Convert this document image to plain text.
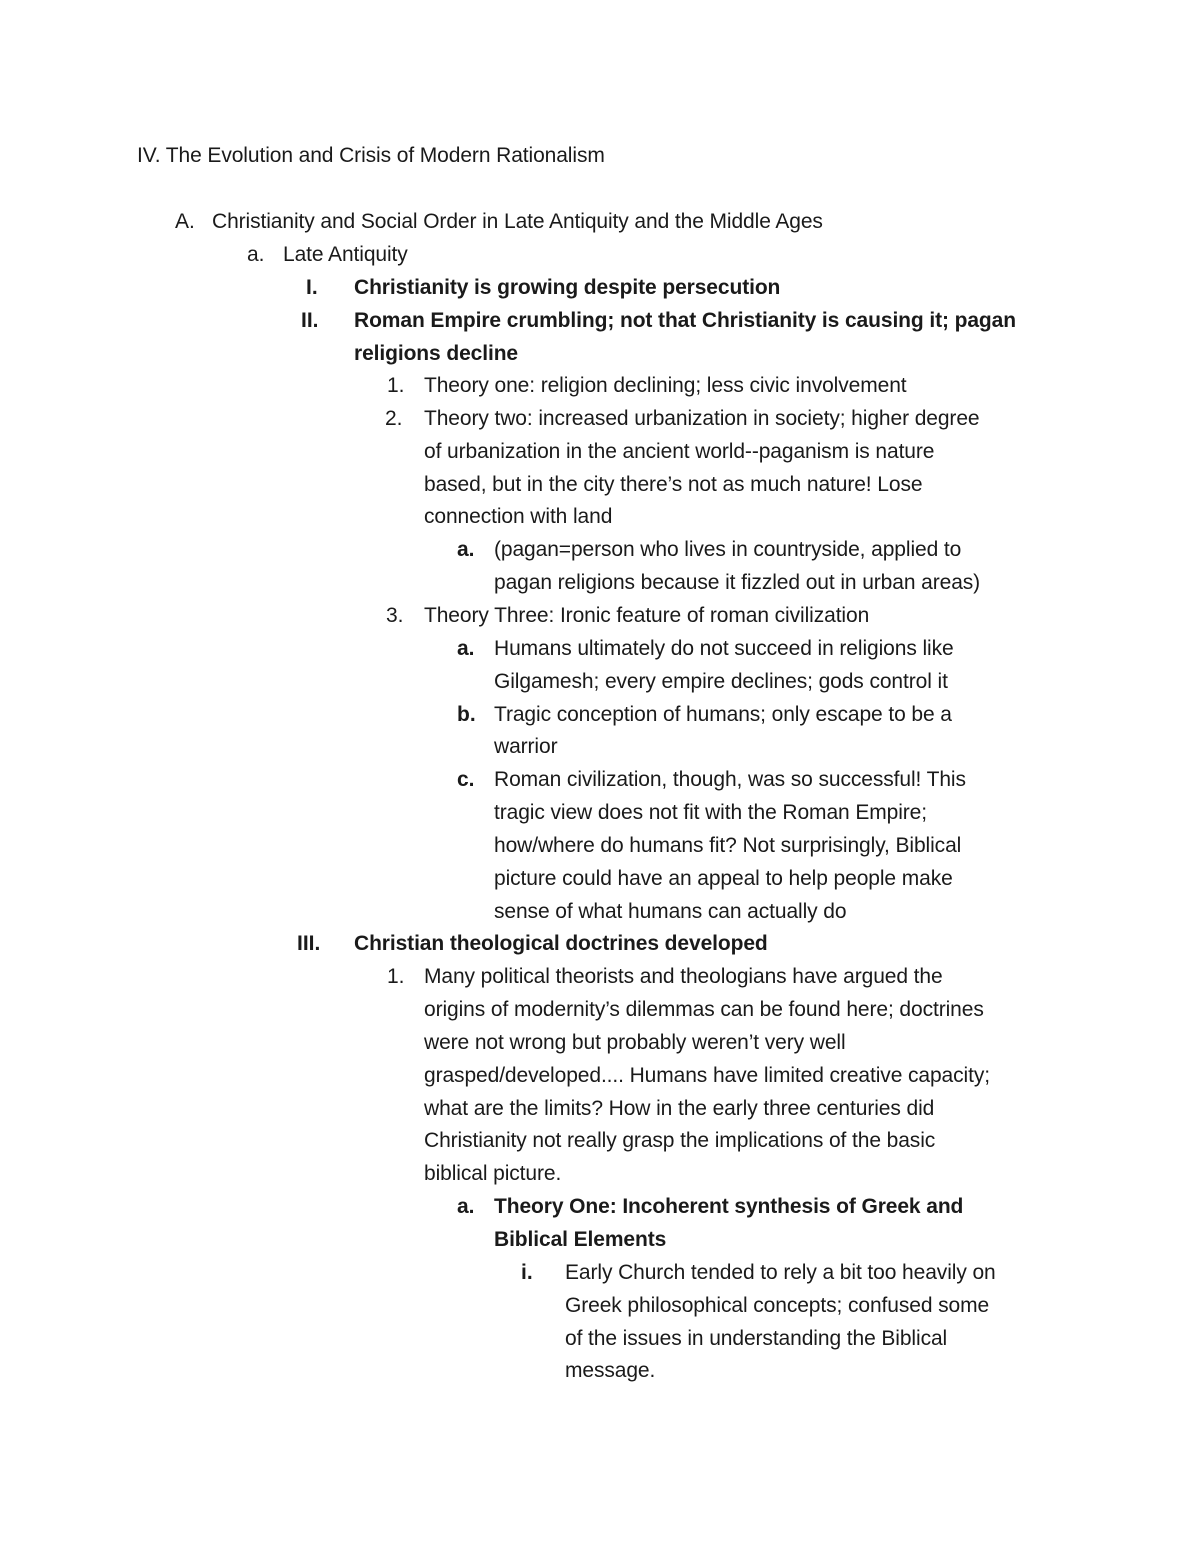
IV. The Evolution and Crisis of Modern Rationalism
A. Christianity and Social Order in Late Antiquity and the Middle Ages
a. Late Antiquity
I. Christianity is growing despite persecution
II. Roman Empire crumbling; not that Christianity is causing it; pagan
religions decline
1. Theory one: religion declining; less civic involvement
2. Theory two: increased urbanization in society; higher degree
of urbanization in the ancient world--paganism is nature
based, but in the city there’s not as much nature! Lose
connection with land
a. (pagan=person who lives in countryside, applied to
pagan religions because it fizzled out in urban areas)
3. Theory Three: Ironic feature of roman civilization
a. Humans ultimately do not succeed in religions like
Gilgamesh; every empire declines; gods control it
b. Tragic conception of humans; only escape to be a
warrior
c. Roman civilization, though, was so successful! This
tragic view does not fit with the Roman Empire;
how/where do humans fit? Not surprisingly, Biblical
picture could have an appeal to help people make
sense of what humans can actually do
III. Christian theological doctrines developed
1. Many political theorists and theologians have argued the
origins of modernity’s dilemmas can be found here; doctrines
were not wrong but probably weren’t very well
grasped/developed.... Humans have limited creative capacity;
what are the limits? How in the early three centuries did
Christianity not really grasp the implications of the basic
biblical picture.
a. Theory One: Incoherent synthesis of Greek and
Biblical Elements
i. Early Church tended to rely a bit too heavily on
Greek philosophical concepts; confused some
of the issues in understanding the Biblical
message.
